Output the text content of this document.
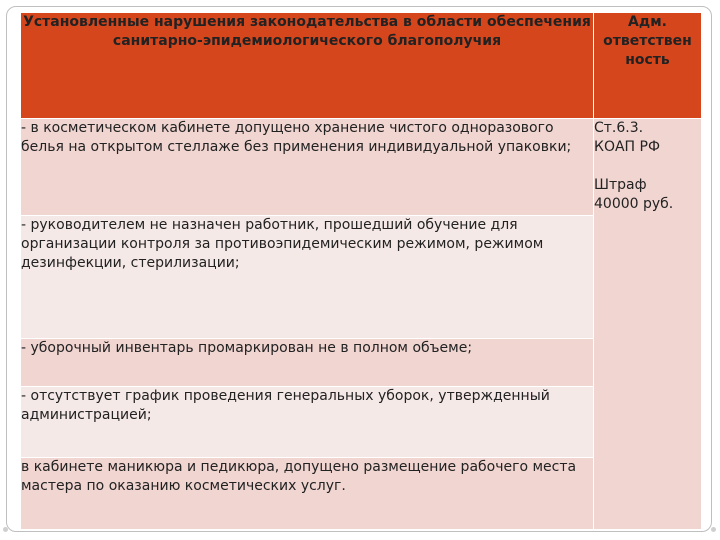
Установленные нарушения законодательства в области обеспечения санитарно-эпидемиологического благополучия	Адм. ответствен ность
- в косметическом кабинете допущено хранение чистого одноразового белья на открытом стеллаже без применения индивидуальной упаковки;	Ст.6.3.
КОАП РФ
Штраф
40000 руб.

- руководителем не назначен работник, прошедший обучение для организации контроля за противоэпидемическим режимом, режимом дезинфекции, стерилизации;	
- уборочный инвентарь промаркирован не в полном объеме;	
- отсутствует график проведения генеральных уборок, утвержденный администрацией;	
в кабинете маникюра и педикюра, допущено размещение рабочего места мастера по оказанию косметических услуг.	
